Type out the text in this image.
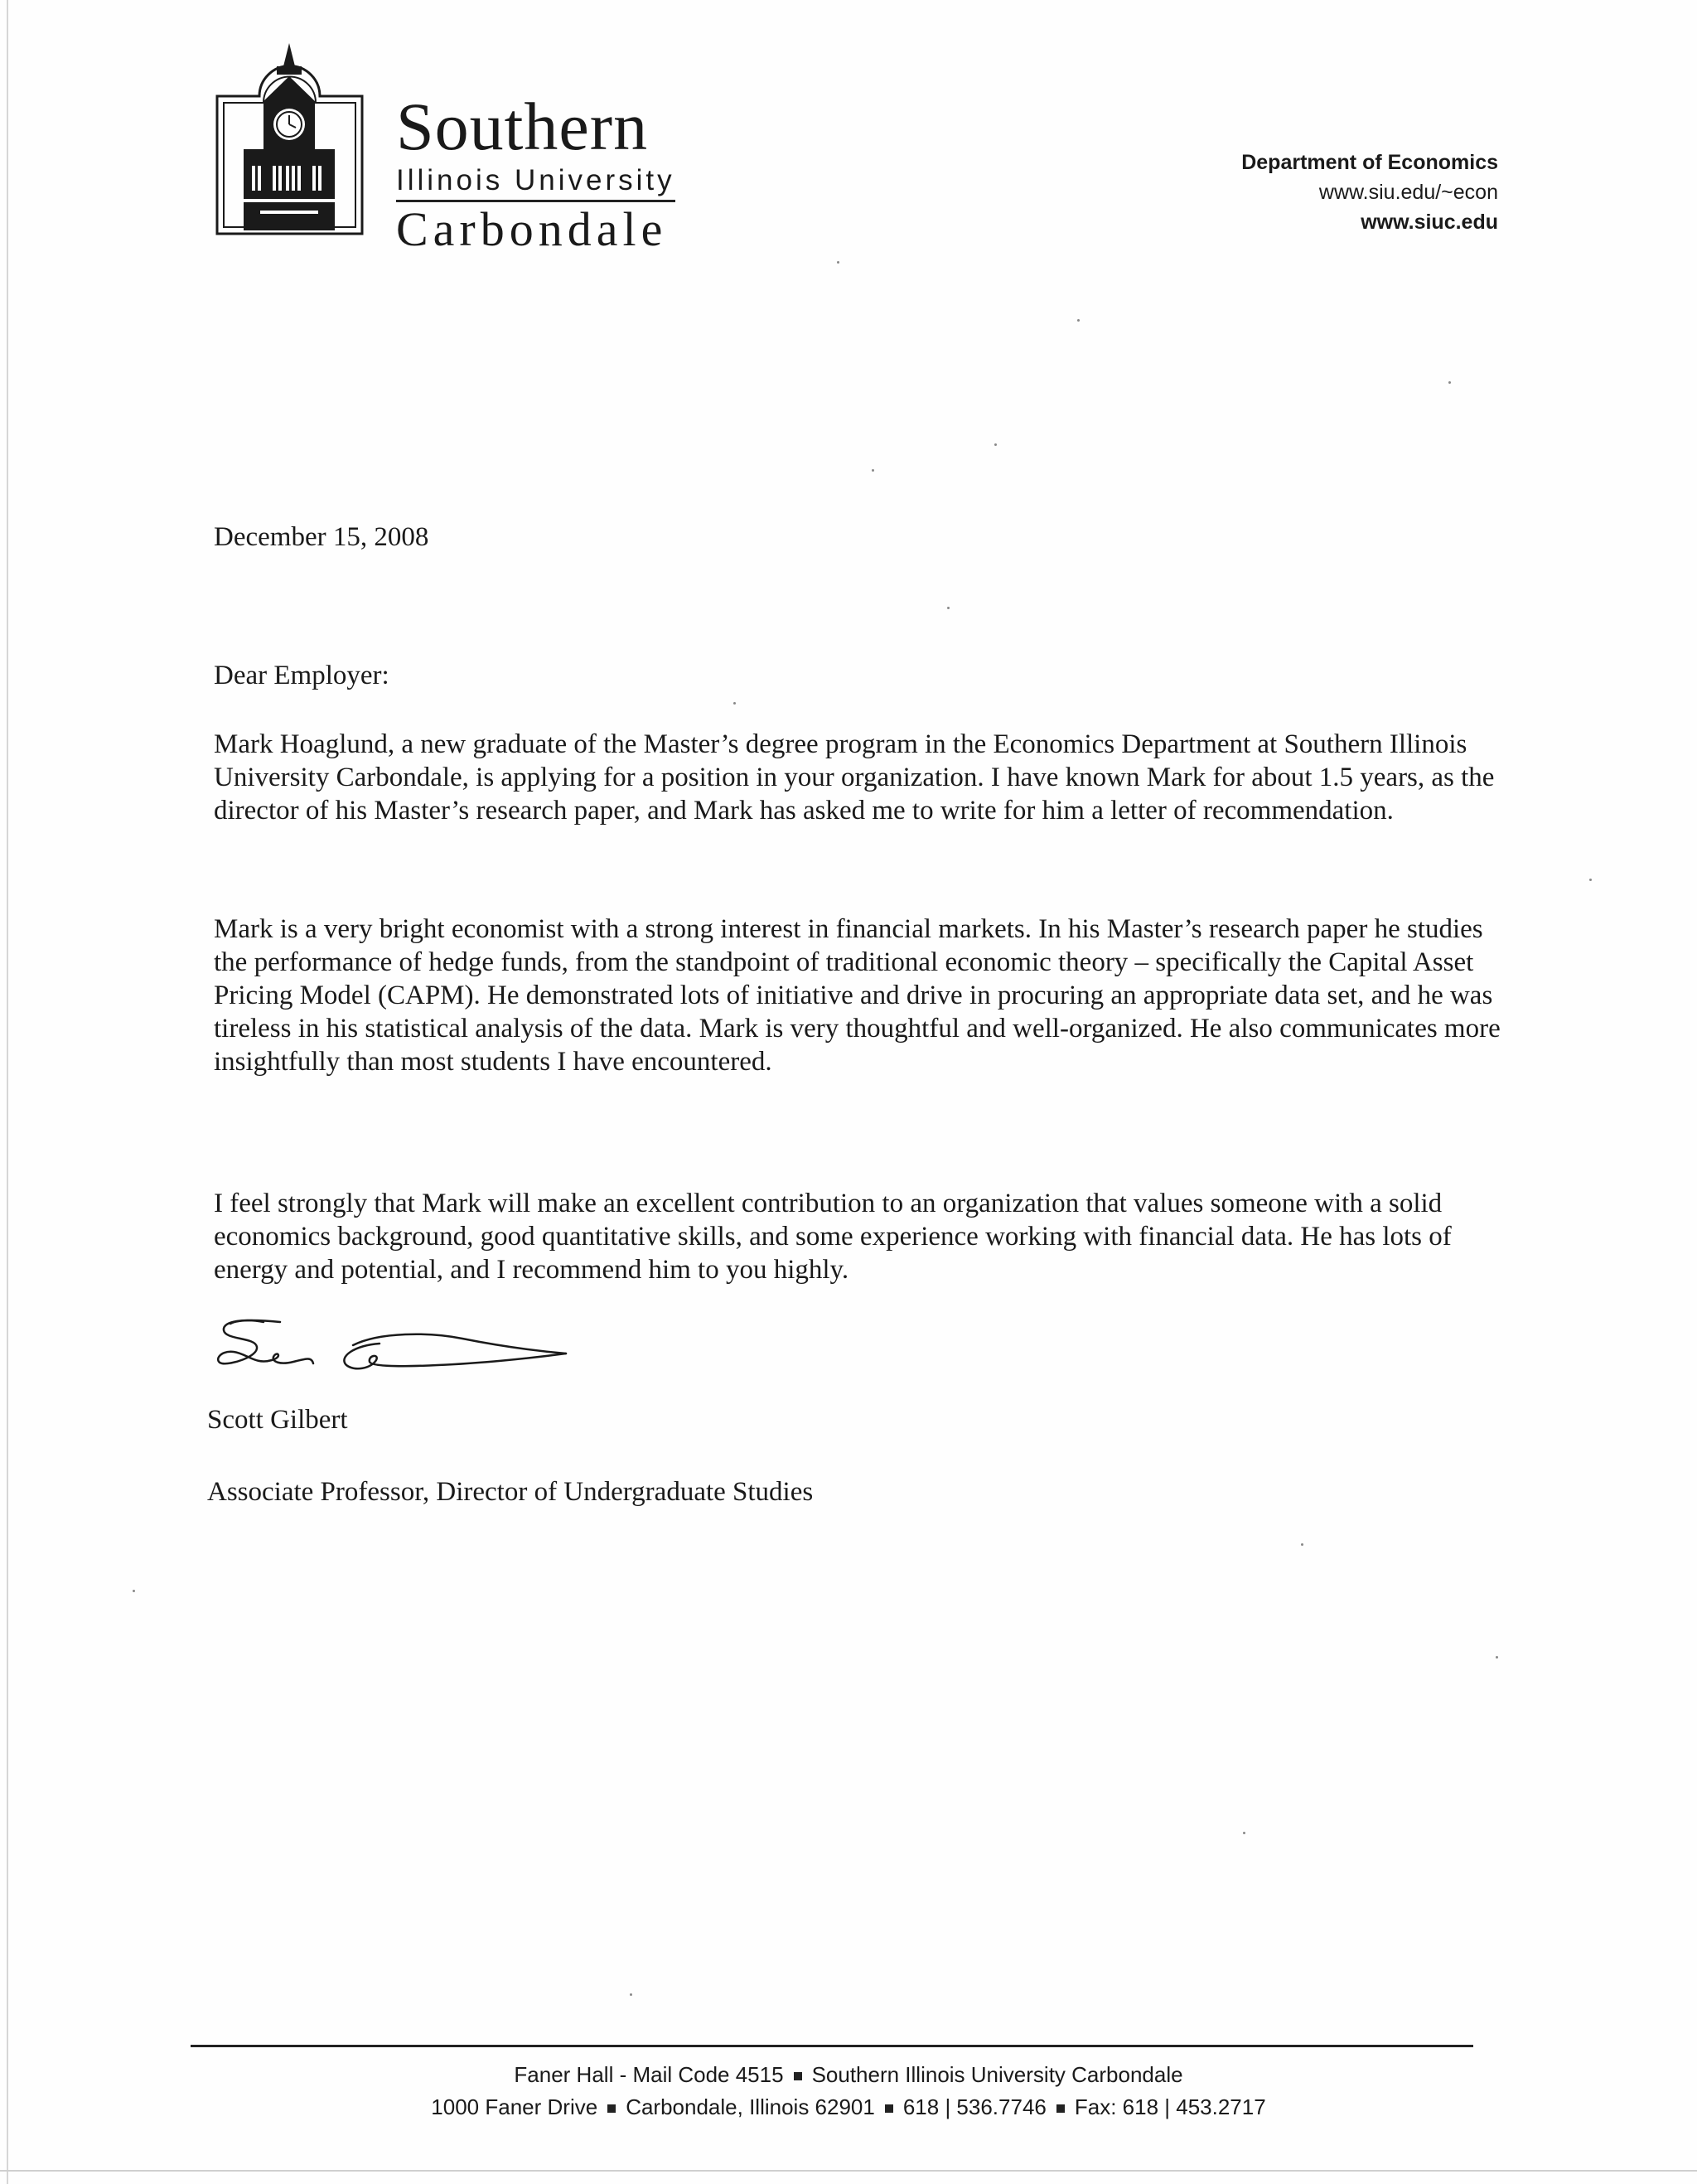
Southern
Illinois University
Carbondale
Department of Economics
www.siu.edu/~econ
www.siuc.edu
December 15, 2008
Dear Employer:

Mark Hoaglund, a new graduate of the Master’s degree program in the Economics Department at Southern Illinois University Carbondale, is applying for a position in your organization. I have known Mark for about 1.5 years, as the director of his Master’s research paper, and Mark has asked me to write for him a letter of recommendation.

Mark is a very bright economist with a strong interest in financial markets. In his Master’s research paper he studies the performance of hedge funds, from the standpoint of traditional economic theory – specifically the Capital Asset Pricing Model (CAPM). He demonstrated lots of initiative and drive in procuring an appropriate data set, and he was tireless in his statistical analysis of the data. Mark is very thoughtful and well-organized. He also communicates more insightfully than most students I have encountered.

I feel strongly that Mark will make an excellent contribution to an organization that values someone with a solid economics background, good quantitative skills, and some experience working with financial data. He has lots of energy and potential, and I recommend him to you highly.

Scott Gilbert
Associate Professor, Director of Undergraduate Studies
Faner Hall - Mail Code 4515 Southern Illinois University Carbondale
1000 Faner Drive Carbondale, Illinois 62901 618 | 536.7746 Fax: 618 | 453.2717
